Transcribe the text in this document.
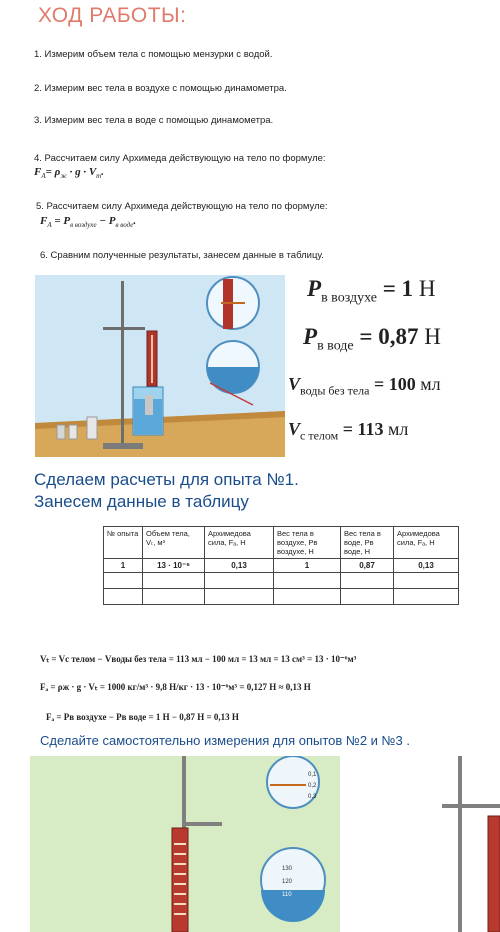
ХОД РАБОТЫ:
1. Измерим объем тела с помощью мензурки с водой.
2. Измерим вес тела в воздухе с помощью динамометра.
3. Измерим вес тела в воде с помощью динамометра.
4. Рассчитаем силу Архимеда действующую на тело по формуле:
$F_A= \rho_ж \cdot g \cdot V_т$.
5. Рассчитаем силу Архимеда действующую на тело по формуле:
$F_A = P_{в воздухе} - P_{в воде}$.
6. Сравним полученные результаты, занесем данные в таблицу.
$P_{в воздухе} = 1$ Н
$P_{в воде} = 0,87$ Н
$V_{воды без тела} = 100$ мл
$V_{с телом} = 113$ мл
Сделаем расчеты для опыта №1.
Занесем данные в таблицу
№ опыта	Объем тела, Vₜ, м³	Архимедова сила, Fₐ, Н	Вес тела в воздухе, Pв воздухе, Н	Вес тела в воде, Pв воде, Н	Архимедова сила, Fₐ, Н
1	13 · 10⁻⁶	0,13	1	0,87	0,13

Vₜ = Vс телом − Vводы без тела = 113 мл − 100 мл = 13 мл = 13 см³ = 13 · 10⁻⁶м³
Fₐ = ρж · g · Vₜ = 1000 кг/м³ · 9,8 Н/кг · 13 · 10⁻⁶м³ = 0,127 Н ≈ 0,13 Н
Fₐ = Pв воздухе − Pв воде = 1 Н − 0,87 Н = 0,13 Н
Сделайте самостоятельно измерения для опытов №2 и №3 .
0,1
0,2
0,3
130
120
110
